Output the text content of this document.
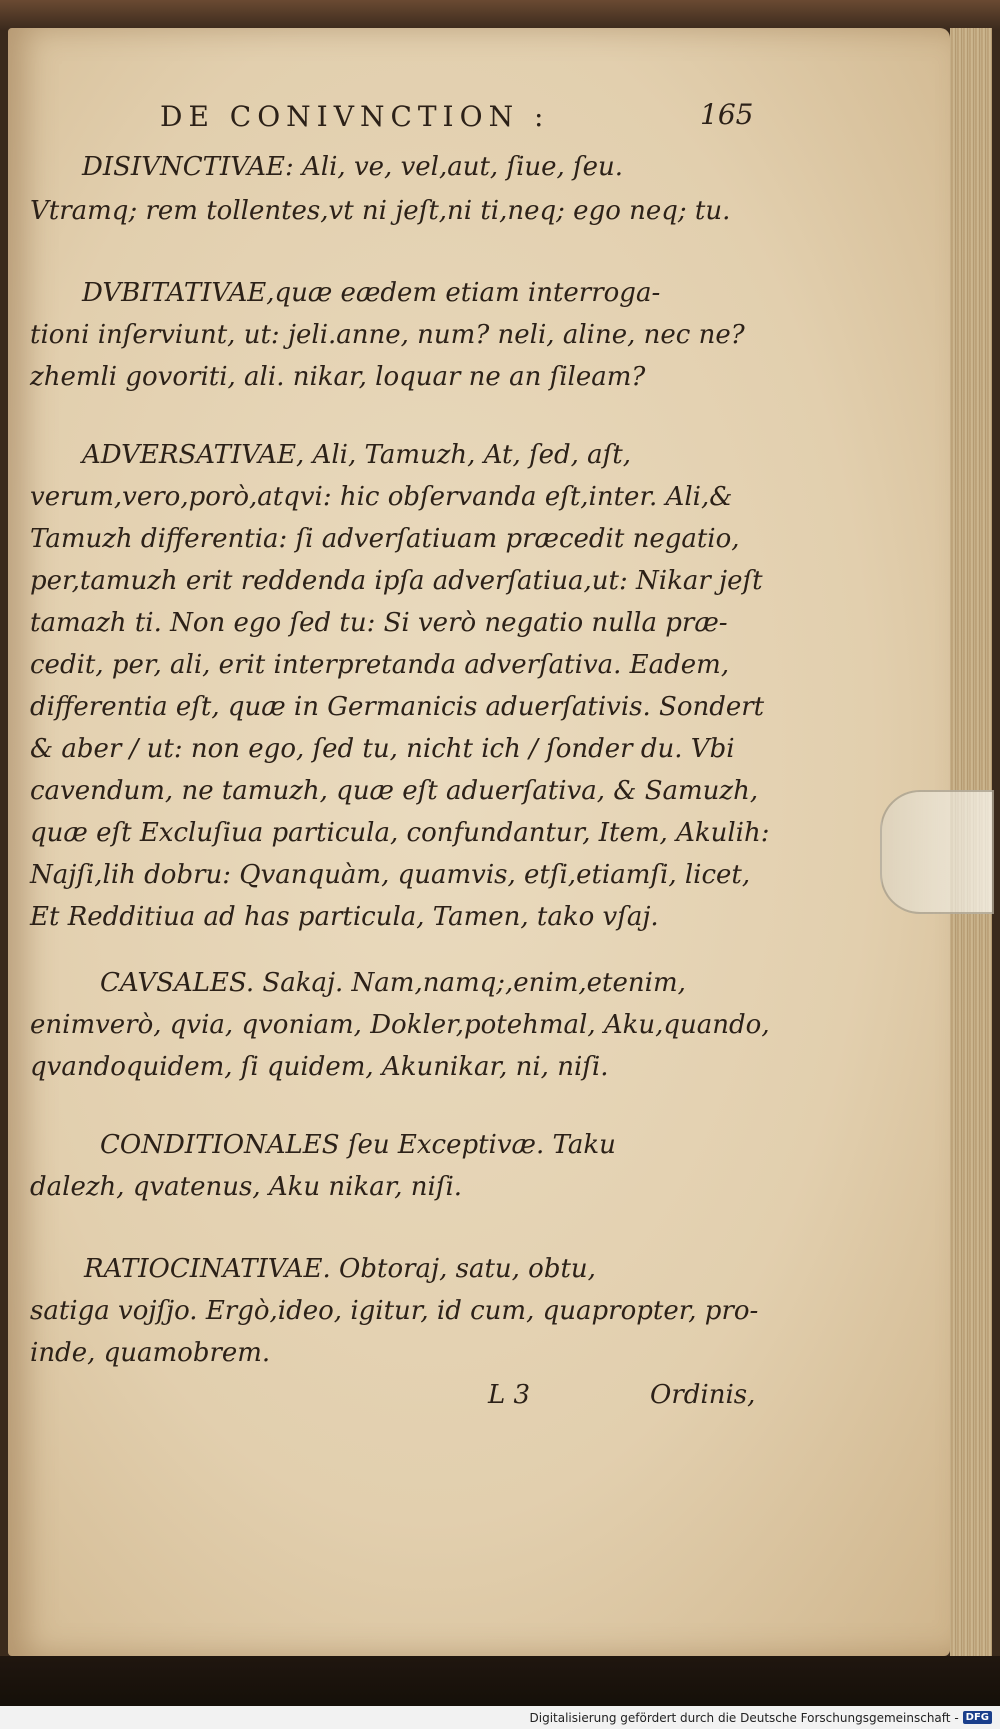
DE CONIVNCTION :	165
DISIVNCTIVAE: Ali, ve, vel,aut, ſiue, ſeu.
Vtramq; rem tollentes,vt ni jeſt,ni ti,neq; ego neq; tu.
DVBITATIVAE,quæ eædem etiam interroga-
tioni inſerviunt, ut: jeli.anne, num? neli, aline, nec ne?
zhemli govoriti, ali. nikar, loquar ne an ſileam?
ADVERSATIVAE, Ali, Tamuzh, At, ſed, aſt,
verum,vero,porò,atqvi: hic obſervanda eſt,inter. Ali,&
Tamuzh differentia: ſi adverſatiuam præcedit negatio,
per,tamuzh erit reddenda ipſa adverſatiua,ut: Nikar jeſt
tamazh ti. Non ego ſed tu: Si verò negatio nulla præ-
cedit, per, ali, erit interpretanda adverſativa. Eadem,
differentia eſt, quæ in Germanicis aduerſativis. Sondert
& aber / ut: non ego, ſed tu, nicht ich / ſonder du. Vbi
cavendum, ne tamuzh, quæ eſt aduerſativa, & Samuzh,
quæ eſt Excluſiua particula, confundantur, Item, Akulih:
Najſi,lih dobru: Qvanquàm, quamvis, etſi,etiamſi, licet,
Et Redditiua ad has particula, Tamen, tako vſaj.
CAVSALES. Sakaj. Nam,namq;,enim,etenim,
enimverò, qvia, qvoniam, Dokler,potehmal, Aku,quando,
qvandoquidem, ſi quidem, Akunikar, ni, niſi.
CONDITIONALES ſeu Exceptivæ. Taku
dalezh, qvatenus, Aku nikar, niſi.
RATIOCINATIVAE. Obtoraj, satu, obtu,
satiga vojſjo. Ergò,ideo, igitur, id cum, quapropter, pro-
inde, quamobrem.
L 3	Ordinis,
Digitalisierung gefördert durch die Deutsche Forschungsgemeinschaft - DFG
